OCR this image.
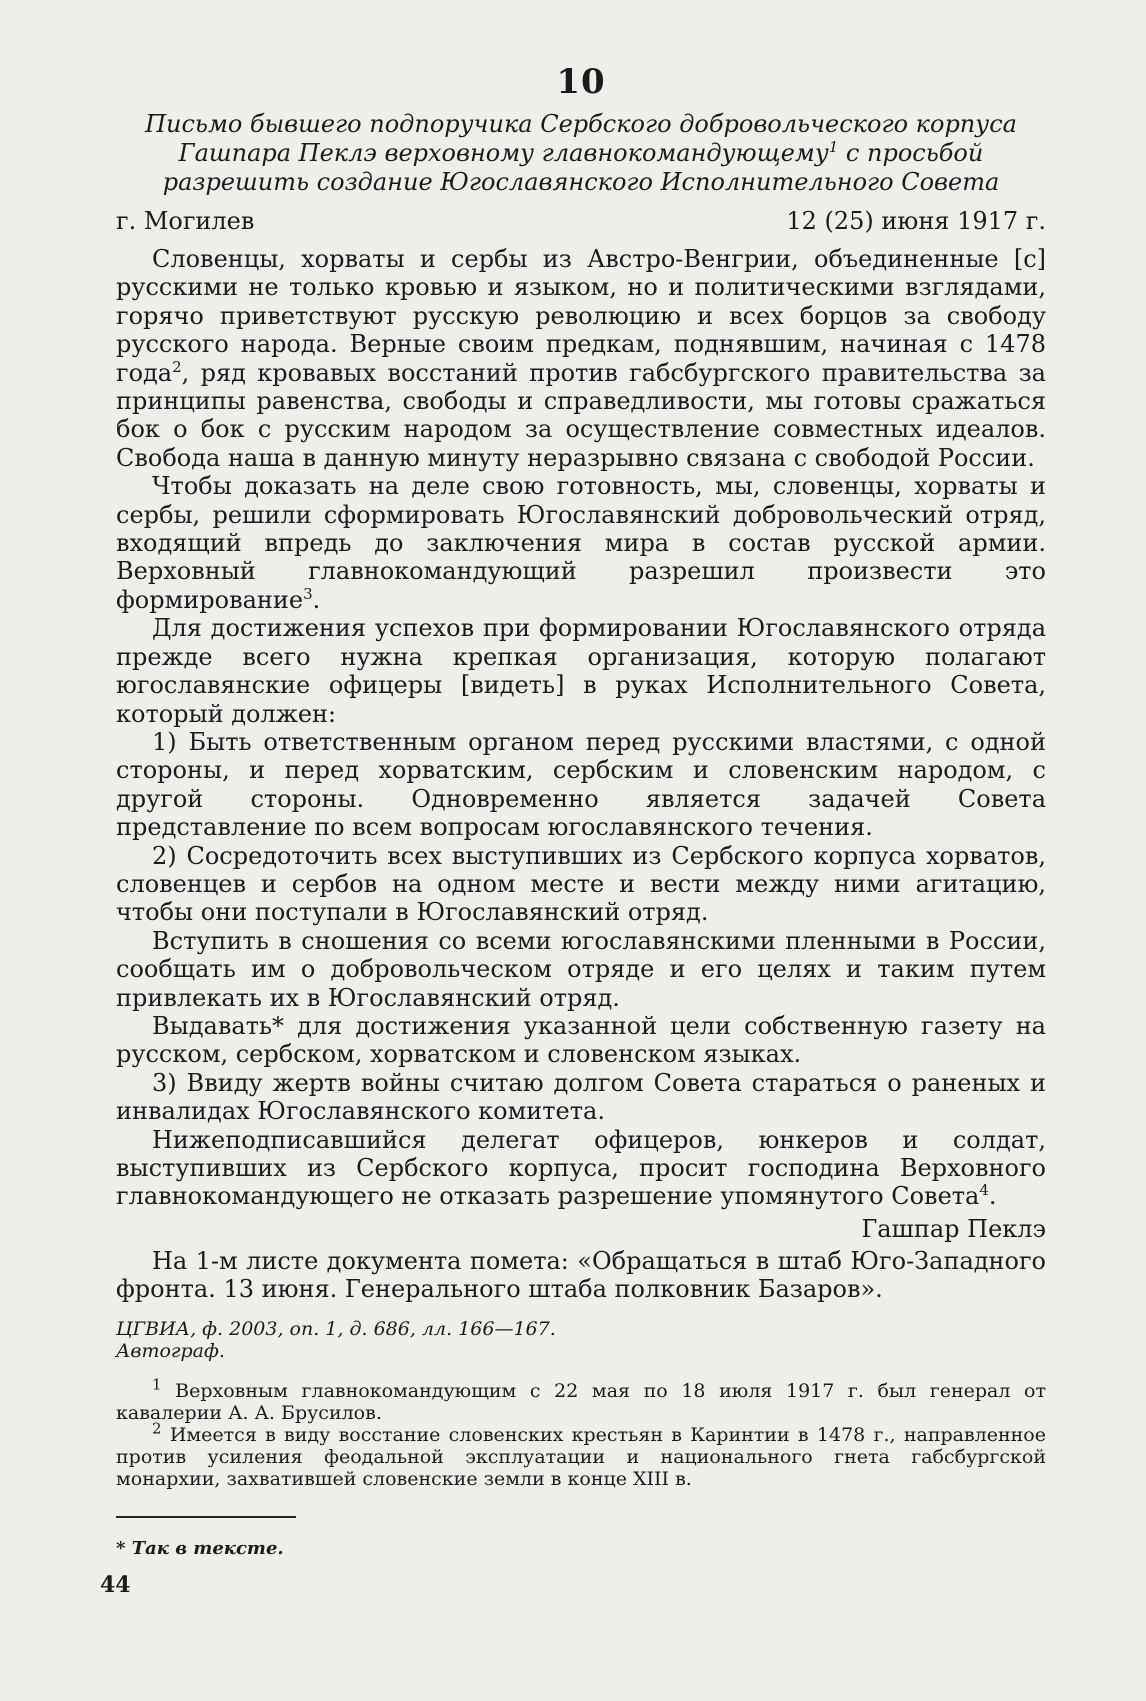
10
Письмо бывшего подпоручика Сербского добровольческого корпуса Гашпара Пеклэ верховному главнокомандующему$^1$ с просьбой разрешить создание Югославянского Исполнительного Совета
г. Могилев	12 (25) июня 1917 г.

Словенцы, хорваты и сербы из Австро-Венгрии, объединенные [с] русскими не только кровью и языком, но и политическими взглядами, горячо приветствуют русскую революцию и всех борцов за свободу русского народа. Верные своим предкам, поднявшим, начиная с 1478 года$^2$, ряд кровавых восстаний против габсбургского правительства за принципы равенства, свободы и справедливости, мы готовы сражаться бок о бок с русским народом за осуществление совместных идеалов. Свобода наша в данную минуту неразрывно связана с свободой России.

Чтобы доказать на деле свою готовность, мы, словенцы, хорваты и сербы, решили сформировать Югославянский добровольческий отряд, входящий впредь до заключения мира в состав русской армии. Верховный главнокомандующий разрешил произвести это формирование$^3$.

Для достижения успехов при формировании Югославянского отряда прежде всего нужна крепкая организация, которую полагают югославянские офицеры [видеть] в руках Исполнительного Совета, который должен:

1) Быть ответственным органом перед русскими властями, с одной стороны, и перед хорватским, сербским и словенским народом, с другой стороны. Одновременно является задачей Совета представление по всем вопросам югославянского течения.

2) Сосредоточить всех выступивших из Сербского корпуса хорватов, словенцев и сербов на одном месте и вести между ними агитацию, чтобы они поступали в Югославянский отряд.

Вступить в сношения со всеми югославянскими пленными в России, сообщать им о добровольческом отряде и его целях и таким путем привлекать их в Югославянский отряд.

Выдавать* для достижения указанной цели собственную газету на русском, сербском, хорватском и словенском языках.

3) Ввиду жертв войны считаю долгом Совета стараться о раненых и инвалидах Югославянского комитета.

Нижеподписавшийся делегат офицеров, юнкеров и солдат, выступивших из Сербского корпуса, просит господина Верховного главнокомандующего не отказать разрешение упомянутого Совета$^4$.

Гашпар Пеклэ

На 1-м листе документа помета: «Обращаться в штаб Юго-Западного фронта. 13 июня. Генерального штаба полковник Базаров».

ЦГВИА, ф. 2003, оп. 1, д. 686, лл. 166—167.
Автограф.

$^1$ Верховным главнокомандующим с 22 мая по 18 июля 1917 г. был генерал от кавалерии А. А. Брусилов.

$^2$ Имеется в виду восстание словенских крестьян в Каринтии в 1478 г., направленное против усиления феодальной эксплуатации и национального гнета габсбургской монархии, захватившей словенские земли в конце XIII в.

* Так в тексте.

44
